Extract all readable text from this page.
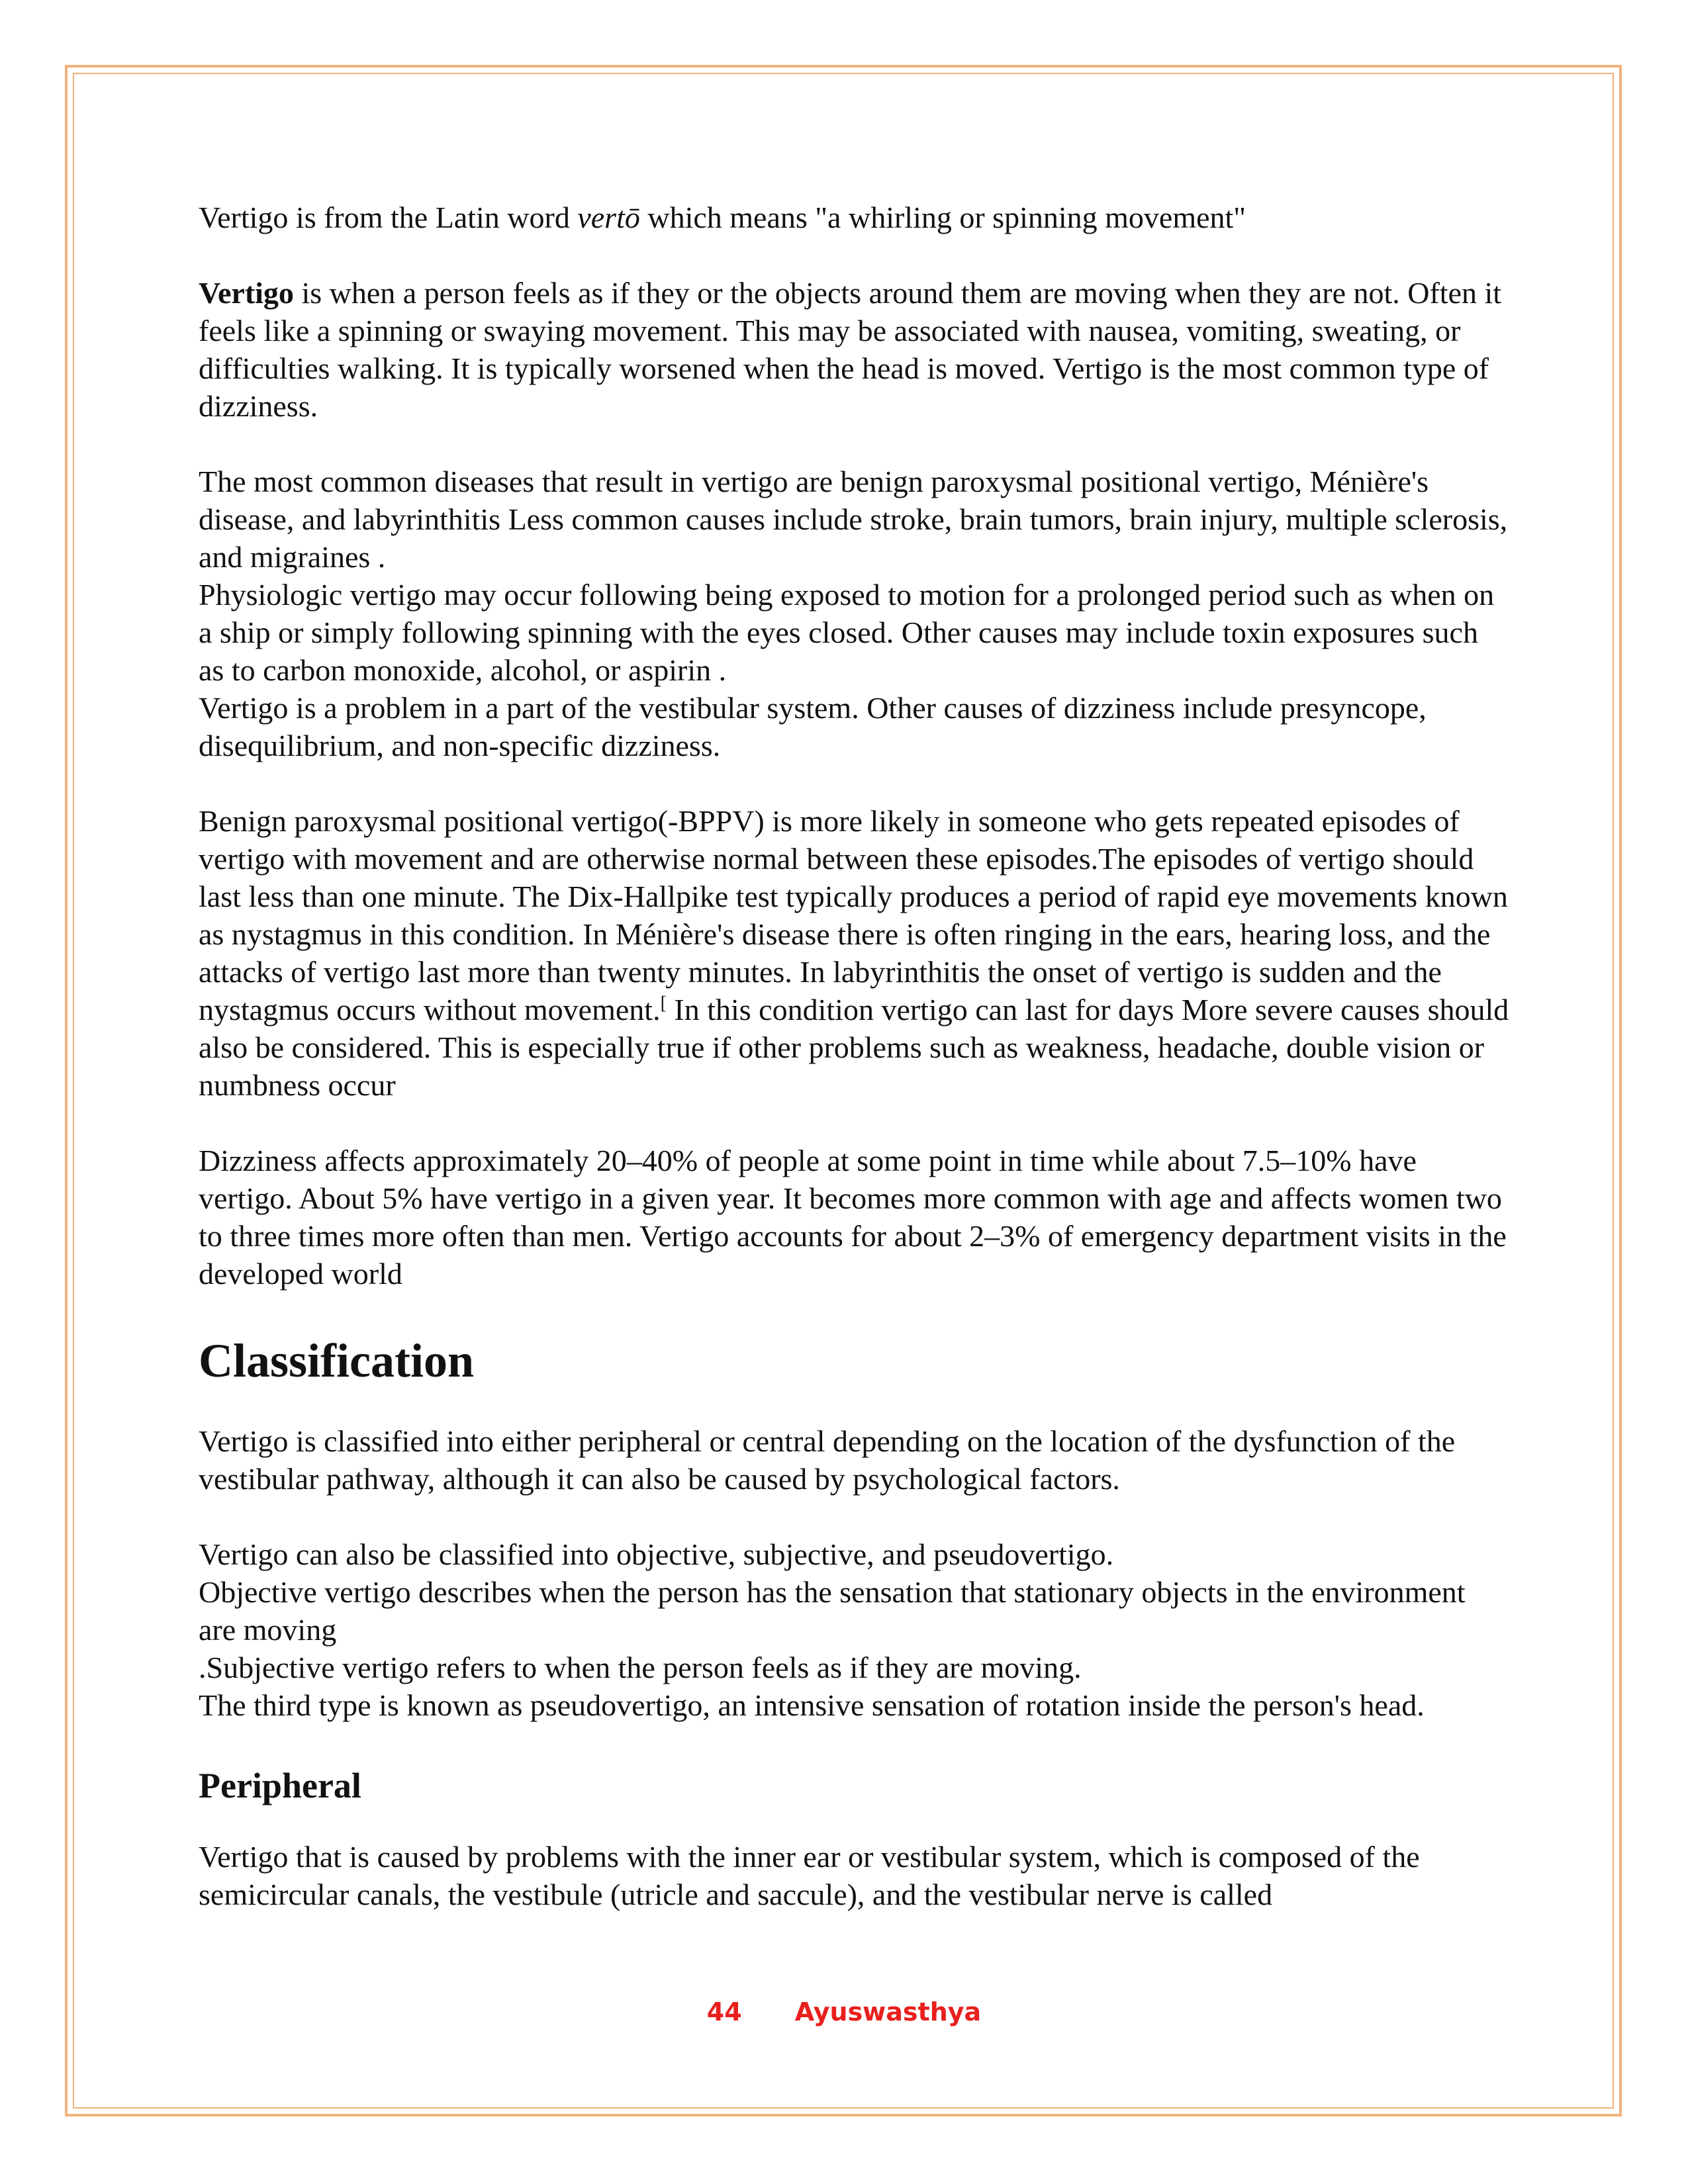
Vertigo is from the Latin word vertō which means "a whirling or spinning movement"

Vertigo is when a person feels as if they or the objects around them are moving when they are not. Often it feels like a spinning or swaying movement. This may be associated with nausea, vomiting, sweating, or difficulties walking. It is typically worsened when the head is moved. Vertigo is the most common type of dizziness.

The most common diseases that result in vertigo are benign paroxysmal positional vertigo, Ménière's disease, and labyrinthitis Less common causes include stroke, brain tumors, brain injury, multiple sclerosis, and migraines .

Physiologic vertigo may occur following being exposed to motion for a prolonged period such as when on a ship or simply following spinning with the eyes closed. Other causes may include toxin exposures such as to carbon monoxide, alcohol, or aspirin .

Vertigo is a problem in a part of the vestibular system. Other causes of dizziness include presyncope, disequilibrium, and non-specific dizziness.

Benign paroxysmal positional vertigo(-BPPV) is more likely in someone who gets repeated episodes of vertigo with movement and are otherwise normal between these episodes.The episodes of vertigo should last less than one minute. The Dix-Hallpike test typically produces a period of rapid eye movements known as nystagmus in this condition. In Ménière's disease there is often ringing in the ears, hearing loss, and the attacks of vertigo last more than twenty minutes. In labyrinthitis the onset of vertigo is sudden and the nystagmus occurs without movement.[ In this condition vertigo can last for days More severe causes should also be considered. This is especially true if other problems such as weakness, headache, double vision or numbness occur

Dizziness affects approximately 20–40% of people at some point in time while about 7.5–10% have vertigo. About 5% have vertigo in a given year. It becomes more common with age and affects women two to three times more often than men. Vertigo accounts for about 2–3% of emergency department visits in the developed world

Classification

Vertigo is classified into either peripheral or central depending on the location of the dysfunction of the vestibular pathway, although it can also be caused by psychological factors.

Vertigo can also be classified into objective, subjective, and pseudovertigo.

Objective vertigo describes when the person has the sensation that stationary objects in the environment are moving

.Subjective vertigo refers to when the person feels as if they are moving.

The third type is known as pseudovertigo, an intensive sensation of rotation inside the person's head.

Peripheral

Vertigo that is caused by problems with the inner ear or vestibular system, which is composed of the semicircular canals, the vestibule (utricle and saccule), and the vestibular nerve is called

44 Ayuswasthya
